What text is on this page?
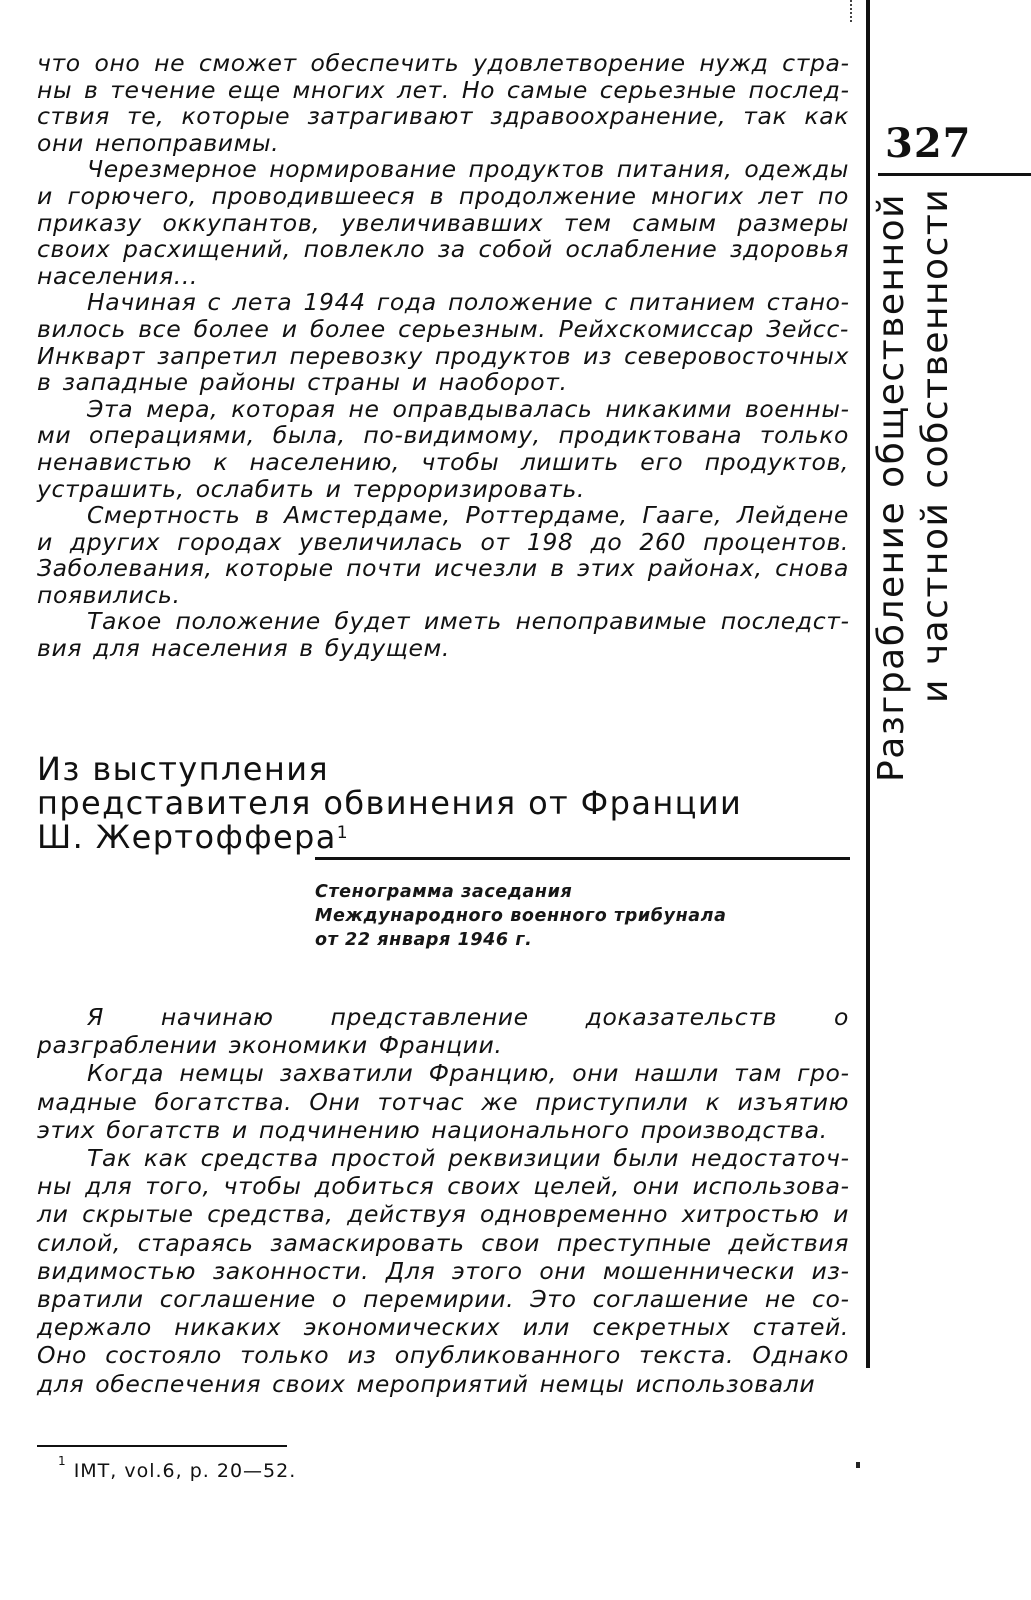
327
Разграбление общественной и частной собственности

что оно не сможет обеспечить удовлетворение нужд страны в течение еще многих лет. Но самые серьезные последствия те, которые затрагивают здравоохранение, так как они непоправимы.

Черезмерное нормирование продуктов питания, одежды и горючего, проводившееся в продолжение многих лет по приказу оккупантов, увеличивавших тем самым размеры своих расхищений, повлекло за собой ослабление здоровья населения...

Начиная с лета 1944 года положение с питанием становилось все более и более серьезным. Рейхскомиссар Зейсс-Инкварт запретил перевозку продуктов из северовосточных в западные районы страны и наоборот.

Эта мера, которая не оправдывалась никакими военными операциями, была, по-видимому, продиктована только ненавистью к населению, чтобы лишить его продуктов, устрашить, ослабить и терроризировать.

Смертность в Амстердаме, Роттердаме, Гааге, Лейдене и других городах увеличилась от 198 до 260 процентов. Заболевания, которые почти исчезли в этих районах, снова появились.

Такое положение будет иметь непоправимые последствия для населения в будущем.

Из выступления
представителя обвинения от Франции
Ш. Жертоффера$^1$
Стенограмма заседания
Международного военного трибунала
от 22 января 1946 г.

Я начинаю представление доказательств о разграблении экономики Франции.

Когда немцы захватили Францию, они нашли там громадные богатства. Они тотчас же приступили к изъятию этих богатств и подчинению национального производства.

Так как средства простой реквизиции были недостаточны для того, чтобы добиться своих целей, они использовали скрытые средства, действуя одновременно хитростью и силой, стараясь замаскировать свои преступные действия видимостью законности. Для этого они мошеннически извратили соглашение о перемирии. Это соглашение не содержало никаких экономических или секретных статей. Оно состояло только из опубликованного текста. Однако для обеспечения своих мероприятий немцы использовали

$^1$ IMT, vol.6, p. 20—52.
